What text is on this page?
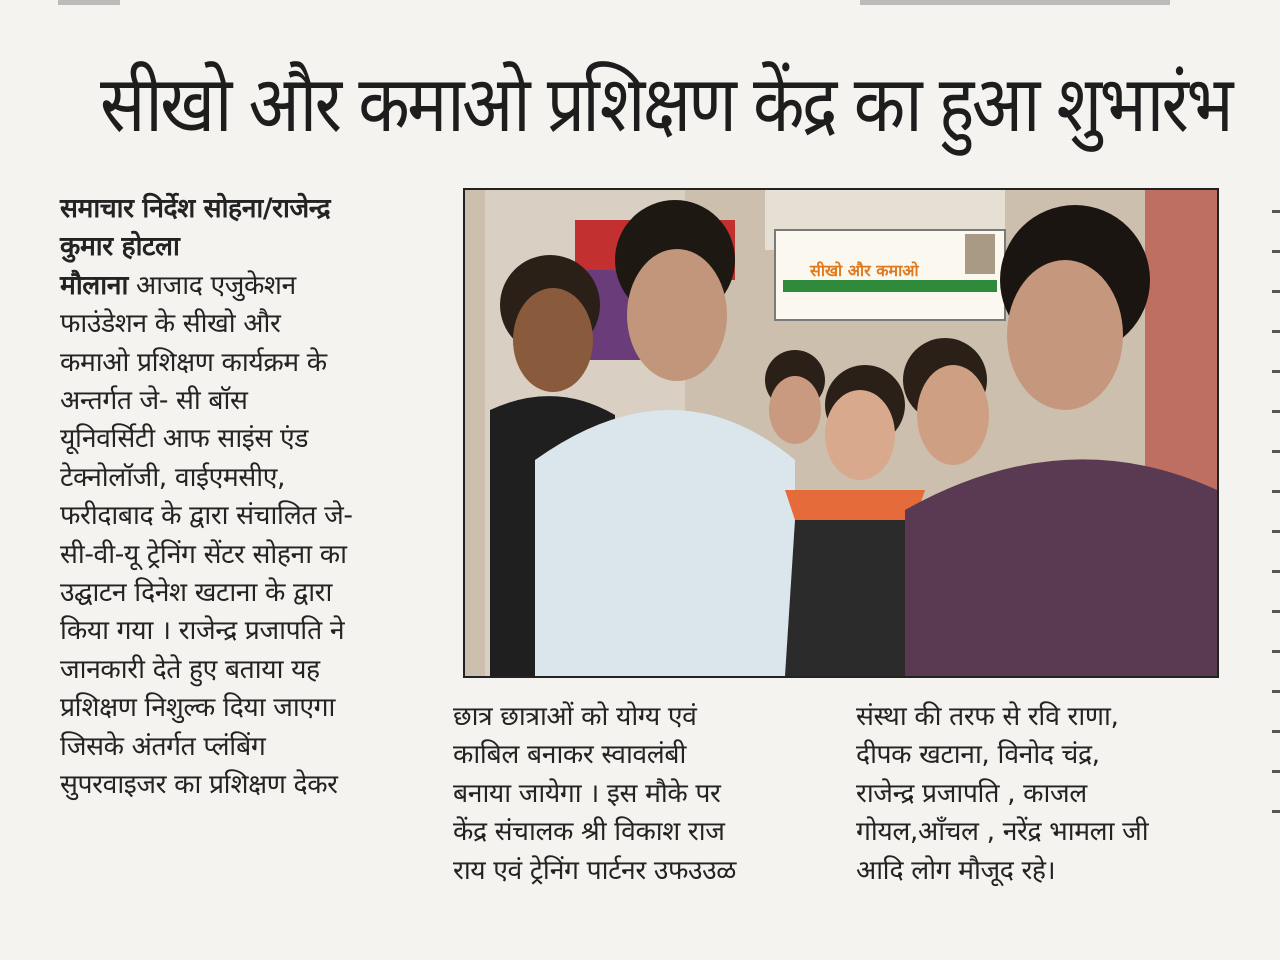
सीखो और कमाओ प्रशिक्षण केंद्र का हुआ शुभारंभ

समाचार निर्देश सोहना/राजेन्द्र

कुमार होटला

मौलाना आजाद एजुकेशन

फाउंडेशन के सीखो और

कमाओ प्रशिक्षण कार्यक्रम के

अन्तर्गत जे- सी बॉस

यूनिवर्सिटी आफ साइंस एंड

टेक्नोलॉजी, वाईएमसीए,

फरीदाबाद के द्वारा संचालित जे-

सी-वी-यू ट्रेनिंग सेंटर सोहना का

उद्घाटन दिनेश खटाना के द्वारा

किया गया । राजेन्द्र प्रजापति ने

जानकारी देते हुए बताया यह

प्रशिक्षण निशुल्क दिया जाएगा

जिसके अंतर्गत प्लंबिंग

सुपरवाइजर का प्रशिक्षण देकर

सीखो और कमाओ

छात्र छात्राओं को योग्य एवं

काबिल बनाकर स्वावलंबी

बनाया जायेगा । इस मौके पर

केंद्र संचालक श्री विकाश राज

राय एवं ट्रेनिंग पार्टनर उफउउळ

संस्था की तरफ से रवि राणा,

दीपक खटाना, विनोद चंद्र,

राजेन्द्र प्रजापति , काजल

गोयल,आँचल , नरेंद्र भामला जी

आदि लोग मौजूद रहे।
